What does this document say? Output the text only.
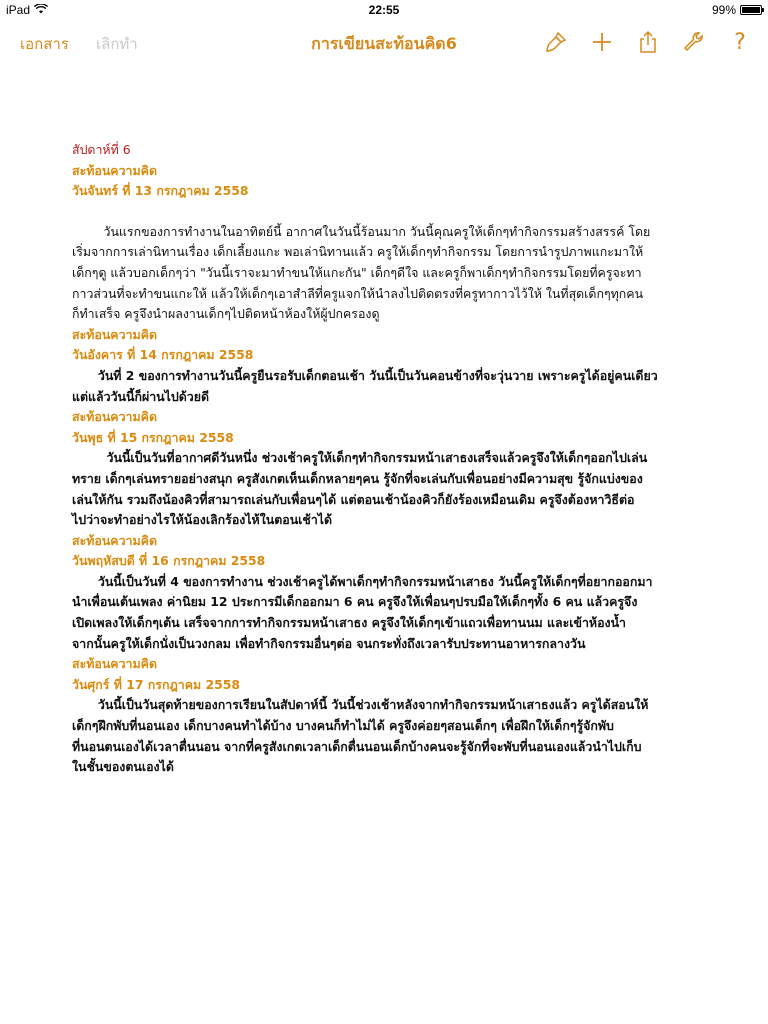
iPad	22:55	99%
เอกสาร เลิกทำ	การเขียนสะท้อนคิด6	?

สัปดาห์ที่ 6

สะท้อนความคิด

วันจันทร์ ที่ 13 กรกฎาคม 2558

วันแรกของการทำงานในอาทิตย์นี้ อากาศในวันนี้ร้อนมาก วันนี้คุณครูให้เด็กๆทำกิจกรรมสร้างสรรค์ โดย

เริ่มจากการเล่านิทานเรื่อง เด็กเลี้ยงแกะ พอเล่านิทานแล้ว ครูให้เด็กๆทำกิจกรรม โดยการนำรูปภาพแกะมาให้

เด็กๆดู แล้วบอกเด็กๆว่า "วันนี้เราจะมาทำขนให้แกะกัน" เด็กๆดีใจ และครูก็พาเด็กๆทำกิจกรรมโดยที่ครูจะทา

กาวส่วนที่จะทำขนแกะให้ แล้วให้เด็กๆเอาสำลีที่ครูแจกให้นำลงไปติดตรงที่ครูทากาวไว้ให้ ในที่สุดเด็กๆทุกคน

ก็ทำเสร็จ ครูจึงนำผลงานเด็กๆไปติดหน้าห้องให้ผู้ปกครองดู

สะท้อนความคิด

วันอังคาร ที่ 14 กรกฎาคม 2558

วันที่ 2 ของการทำงานวันนี้ครูยืนรอรับเด็กตอนเช้า วันนี้เป็นวันคอนข้างที่จะวุ่นวาย เพราะครูได้อยู่คนเดียว

แต่แล้ววันนี้ก็ผ่านไปด้วยดี

สะท้อนความคิด

วันพุธ ที่ 15 กรกฎาคม 2558

วันนี้เป็นวันที่อากาศดีวันหนึ่ง ช่วงเช้าครูให้เด็กๆทำกิจกรรมหน้าเสาธงเสร็จแล้วครูจึงให้เด็กๆออกไปเล่น

ทราย เด็กๆเล่นทรายอย่างสนุก ครูสังเกตเห็นเด็กหลายๆคน รู้จักที่จะเล่นกับเพื่อนอย่างมีความสุข รู้จักแบ่งของ

เล่นให้กัน รวมถึงน้องคิวที่สามารถเล่นกับเพื่อนๆได้ แต่ตอนเช้าน้องคิวก็ยังร้องเหมือนเดิม ครูจึงต้องหาวิธีต่อ

ไปว่าจะทำอย่างไรให้น้องเลิกร้องไห้ในตอนเช้าได้

สะท้อนความคิด

วันพฤหัสบดี ที่ 16 กรกฎาคม 2558

วันนี้เป็นวันที่ 4 ของการทำงาน ช่วงเช้าครูได้พาเด็กๆทำกิจกรรมหน้าเสาธง วันนี้ครูให้เด็กๆที่อยากออกมา

นำเพื่อนเต้นเพลง ค่านิยม 12 ประการมีเด็กออกมา 6 คน ครูจึงให้เพื่อนๆปรบมือให้เด็กๆทั้ง 6 คน แล้วครูจึง

เปิดเพลงให้เด็กๆเต้น เสร็จจากการทำกิจกรรมหน้าเสาธง ครูจึงให้เด็กๆเข้าแถวเพื่อทานนม และเข้าห้องน้ำ

จากนั้นครูให้เด็กนั่งเป็นวงกลม เพื่อทำกิจกรรมอื่นๆต่อ จนกระทั่งถึงเวลารับประทานอาหารกลางวัน

สะท้อนความคิด

วันศุกร์ ที่ 17 กรกฎาคม 2558

วันนี้เป็นวันสุดท้ายของการเรียนในสัปดาห์นี้ วันนี้ช่วงเช้าหลังจากทำกิจกรรมหน้าเสาธงแล้ว ครูได้สอนให้

เด็กๆฝึกพับที่นอนเอง เด็กบางคนทำได้บ้าง บางคนก็ทำไม่ได้ ครูจึงค่อยๆสอนเด็กๆ เพื่อฝึกให้เด็กๆรู้จักพับ

ที่นอนตนเองได้เวลาตื่นนอน จากที่ครูสังเกตเวลาเด็กตื่นนอนเด็กบ้างคนจะรู้จักที่จะพับที่นอนเองแล้วนำไปเก็บ

ในชั้นของตนเองได้
